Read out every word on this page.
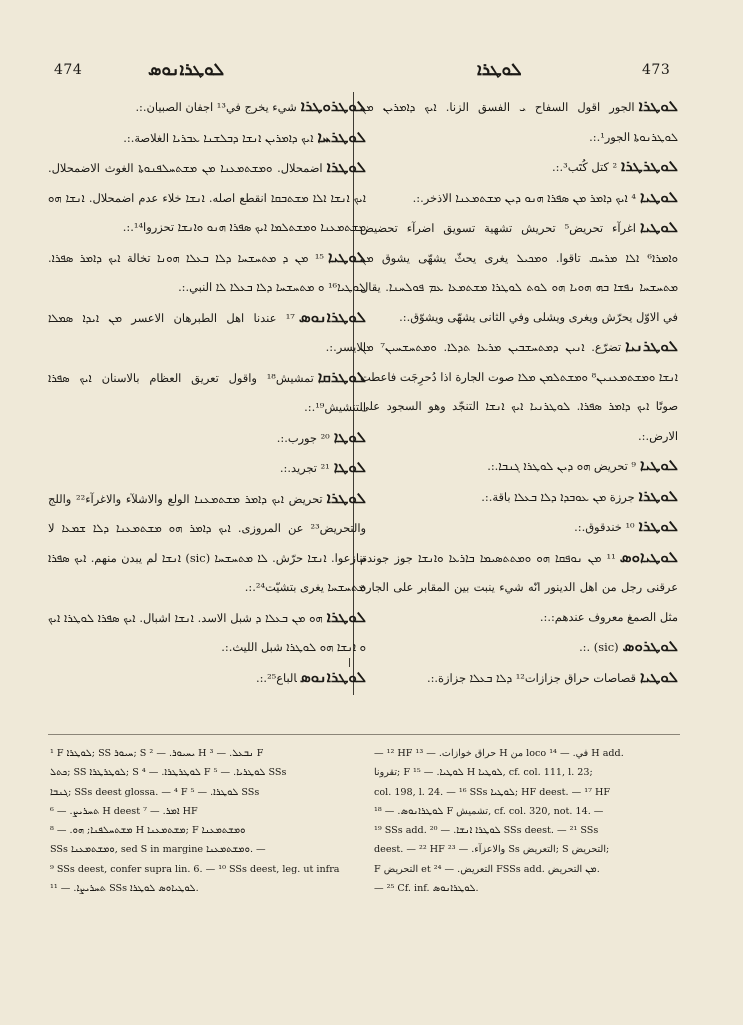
474	ܠܘܛܪܐܢܘܣ	ܠܘܛܪܐ	473

ܠܘܛܪܐالجور اقول السفاح ܝ الفسق الزنا. ܐܝܟ ܕܐܡܪܝܢ ܡܢ ܠܘܛܪܢܘܬܐ الجور¹.:.

ܠܘܛܪܛܪܐ² كتل كُتَب³.:.

ܠܘܛܝܐ⁴ ܐܝܟ ܕܐܡܪ ܡܢ ܣܦܪܐ ܗܢܘ ܕܝܢ ܡܫܬܡܥܢܐ الاذخر.:.

ܠܘܛܝܐاغرآء تحريض⁵ تحريش تشهية تسويق اضرآء تحضيض ܘܐܡܪܐ⁶ ܐܠܐ ܡܪܚܩ تاقوا. ܘܡܟܝܠ يغرى يحثّ يشهّى يشوق ܡܢ ܡܬܚܫܚܐ ܢܦܫܐ ܒܗ ܗܘܝܐ ܗܘ ܠܘܬ ܠܘܛܪܐ ܡܫܬܡܥܐ ܥܡ ܦܘܠܚܢܐ. يقال في الاوّل يحرّش ويغرى ويشلى وفي الثانى يشهّى ويشوّق.:.

ܠܘܛܪܢܝܐتضرّع. ܐܢܝܢ ܕܡܬܚܫܒܝܢ ܡܪܥܐ ܬܕܠܐ. ܘܡܬܚܫܚܝܢ⁷ ܡܢ ܐܢܫܐ ܘܡܫܬܡܥܢܝܢ⁸ ܘܡܫܬܠܡܢ ܡܠܐ صوت الجارة اذا دُحرِجَت فاعطت صوتًا ܐܝܟ ܕܐܡܪ ܣܦܪܐ. ܠܘܛܪܢܝܐ ܐܝܟ ܐܢܫܐ التنجّد وهو السجود على الارض.:.

ܠܘܛܝܐ⁹ تحريض ܗܘ ܕܝܢ ܠܘܛܪܐ ܓܢܒܐ.:.

ܠܘܛܪܐجرزة ܡܢ ܥܘܒܕܐ ܕܠܐ ܒܥܠܐ باقة.:.

ܠܘܛܪܐ¹⁰ خندقوق.:.

ܠܘܛܝܐܘܣ¹¹ ܡܢ ܢܘܦܩܐ ܗܘ ܘܡܬܬܣܝܡܐ ܒܐܪܥܐ ܘܐܢܫܐ جوز جوندم عرقنى رجل من اهل الدينور انّه شيء ينبت بين المقابر على الجارة مثل الصمغ معروف عندهم:.:.

ܠܘܛܪܘܣ(sic) .:.

ܠܘܛܝܐقصاصات حراق جزازات¹² ܕܠܐ ܒܥܠܐ جزازة.:.

ܠܘܛܪܘܛܪܐشيء يخرج في¹³ اجفان الصبيان.:.

ܠܘܛܪܚܐܐܝܟ ܕܐܡܪܝܢ ܐܢܫܐ ܕܒܠܫܢܐ ܥܒܪܝܐ الغلاصة.:.

ܠܘܛܪܐاضمحلال. ܘܡܫܬܡܥܢܐ ܡܢ ܡܫܬܚܠܦܢܘܬܐ الغوث الاضمحلال. ܐܝܟ ܐܢܫܐ ܐܠܐ ܡܫܬܒܩܐ انقطع اصله. ܐܢܫܐ خلاء عدم اضمحلال. ܐܢܫܐ ܗܘ ܡܫܬܡܥܢܐ ܘܡܫܬܠܡܐ ܐܝܟ ܣܦܪܐ ܗܢܘ ܘܐܢܫܐ تحزروا¹⁴.:.

ܠܘܛܝܐ¹⁵ ܡܢ ܕ ܡܬܚܫܚܐ ܕܠܐ ܒܥܠܐ ܗܘܢܐ تخالة ܐܝܟ ܕܐܡܪ ܣܦܪܐ. ܠܘܛܝܐ¹⁶ ܘ ܡܬܚܫܚܐ ܕܠܐ ܒܥܠܐ ܠܐ النبي.:.

ܠܘܛܪܐܢܘܣ¹⁷ عندنا اهل الطبرهان الاعسر ܡܢ ܐܝܕܐ ܣܡܠܐ الايسر.:.

ܠܘܛܪܩܐتمشيش¹⁸ واقول تعريق العظام بالاسنان ܐܝܟ ܣܦܪܐ التنشيش¹⁹.:.

ܠܘܛܐ²⁰ جورب.:.

ܠܘܛܐ²¹ تجريد.:.

ܠܘܛܪܐتحريض ܐܝܟ ܕܐܡܪ ܡܫܬܡܥܢܐ الولع والاشلآء والاغرآء²² واللج والتحريض²³ عن المروزى. ܐܝܟ ܕܐܡܪ ܗܘ ܡܫܬܡܥܢܐ ܕܠܐ ܫܡܥܐ لا تنازعوا. ܐܢܫܐ حرّش. ܠܐ ܡܬܚܫܚܐ (sic) ܐܢܫܐ لم يبدن منهم. ܐܝܟ ܣܦܪܐ ܡܬܚܫܚܐ يغرى بتشيّت²⁴.:.

ܠܘܛܪܐܗܘ ܡܢ ܒܥܠܐ ܕ شبل الاسد. ܐܢܫܐ اشبال. ܐܝܟ ܣܦܪܐ ܠܘܛܪܐ ܐܝܟ ܘ ܐܢܫܐ ܗܘ ܠܘܛܪܐ شبل الليث.:.

ܠܘܛܪܐܢܘܣالباع²⁵.:.

¹ F ܠܘܛܪܐ; SS ܚܝܘܪ; S ܝܚܝܘܪ. — ² H ܢܒܥܠ. — ³ F
ܟܬܠ; SS ܠܘܛܪܛܪܐ; S ܠܘܛܪܛܪܐ. — ⁴ F ܠܘܛܪܝܐ. — ⁵ SSs
ܓܢܒܐ; SSs deest glossa. — ⁴ F ܠܘܛܪܐ. — ⁵ SSs
ܬܚܪܝܨ. — ⁶ H deest ܐܡܪ. — ⁷ HF
ܡܫܬܚܠܦܢܐ; ܗܘ. — ⁸ H ܡܫܬܡܥܢܐ; F ܘܡܫܬܡܥܢܐ
SSs ܘܡܫܬܡܥܢܐ, sed S in margine ܘܡܫܬܡܥܢܐ. —
⁹ SSs deest, confer supra lin. 6. — ¹⁰ SSs deest, leg. ut infra
ܬܚܪܝܨܐ. — ¹¹ SSs ܠܘܛܝܐܘܣ ܠܘܛܪܐ.
— ¹² HF حراق خوازات. — ¹³ H من loco في. — ¹⁴ H add.
تقرونا; F ܠܘܛܝܐ. — ¹⁵ H ܠܘܛܝܐ, cf. col. 111, l. 23;
col. 198, l. 24. — ¹⁶ SSs ܠܘܛܝܐ; HF deest. — ¹⁷ HF
ܠܘܛܪܐܢܘܣ. — ¹⁸ F تشميش, cf. col. 320, not. 14. —
¹⁹ SSs add. ܠܘܛܪܐ ܐܢܫܐ. — ²⁰ SSs deest. — ²¹ SSs
deest. — ²² HF والاعزآء. — ²³ Ss التعريض; S التحريض;
F التحريض et التعريض. — ²⁴ FSSs add. ܡܢ التحريض.
— ²⁵ Cf. inf. ܠܘܛܪܐܢܘܣ.
